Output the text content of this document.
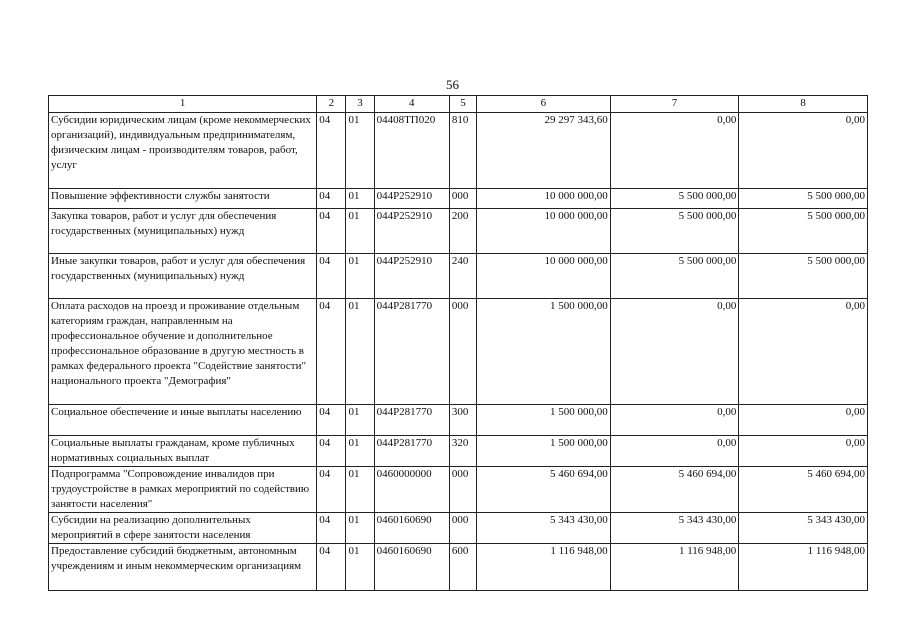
56
1	2	3	4	5	6	7	8
Субсидии юридическим лицам (кроме некоммерческих организаций), индивидуальным предпринимателям, физическим лицам - производителям товаров, работ, услуг	04	01	04408ТП020	810	29 297 343,60	0,00	0,00
Повышение эффективности службы занятости	04	01	044P252910	000	10 000 000,00	5 500 000,00	5 500 000,00
Закупка товаров, работ и услуг для обеспечения государственных (муниципальных) нужд	04	01	044P252910	200	10 000 000,00	5 500 000,00	5 500 000,00
Иные закупки товаров, работ и услуг для обеспечения государственных (муниципальных) нужд	04	01	044P252910	240	10 000 000,00	5 500 000,00	5 500 000,00
Оплата расходов на проезд и проживание отдельным категориям граждан, направленным на профессиональное обучение и дополнительное профессиональное образование в другую местность в рамках федерального проекта "Содействие занятости" национального проекта "Демография"	04	01	044P281770	000	1 500 000,00	0,00	0,00
Социальное обеспечение и иные выплаты населению	04	01	044P281770	300	1 500 000,00	0,00	0,00
Социальные выплаты гражданам, кроме публичных нормативных социальных выплат	04	01	044P281770	320	1 500 000,00	0,00	0,00
Подпрограмма "Сопровождение инвалидов при трудоустройстве в рамках мероприятий по содействию занятости населения"	04	01	0460000000	000	5 460 694,00	5 460 694,00	5 460 694,00
Субсидии на реализацию дополнительных мероприятий в сфере занятости населения	04	01	0460160690	000	5 343 430,00	5 343 430,00	5 343 430,00
Предоставление субсидий бюджетным, автономным учреждениям и иным некоммерческим организациям	04	01	0460160690	600	1 116 948,00	1 116 948,00	1 116 948,00
